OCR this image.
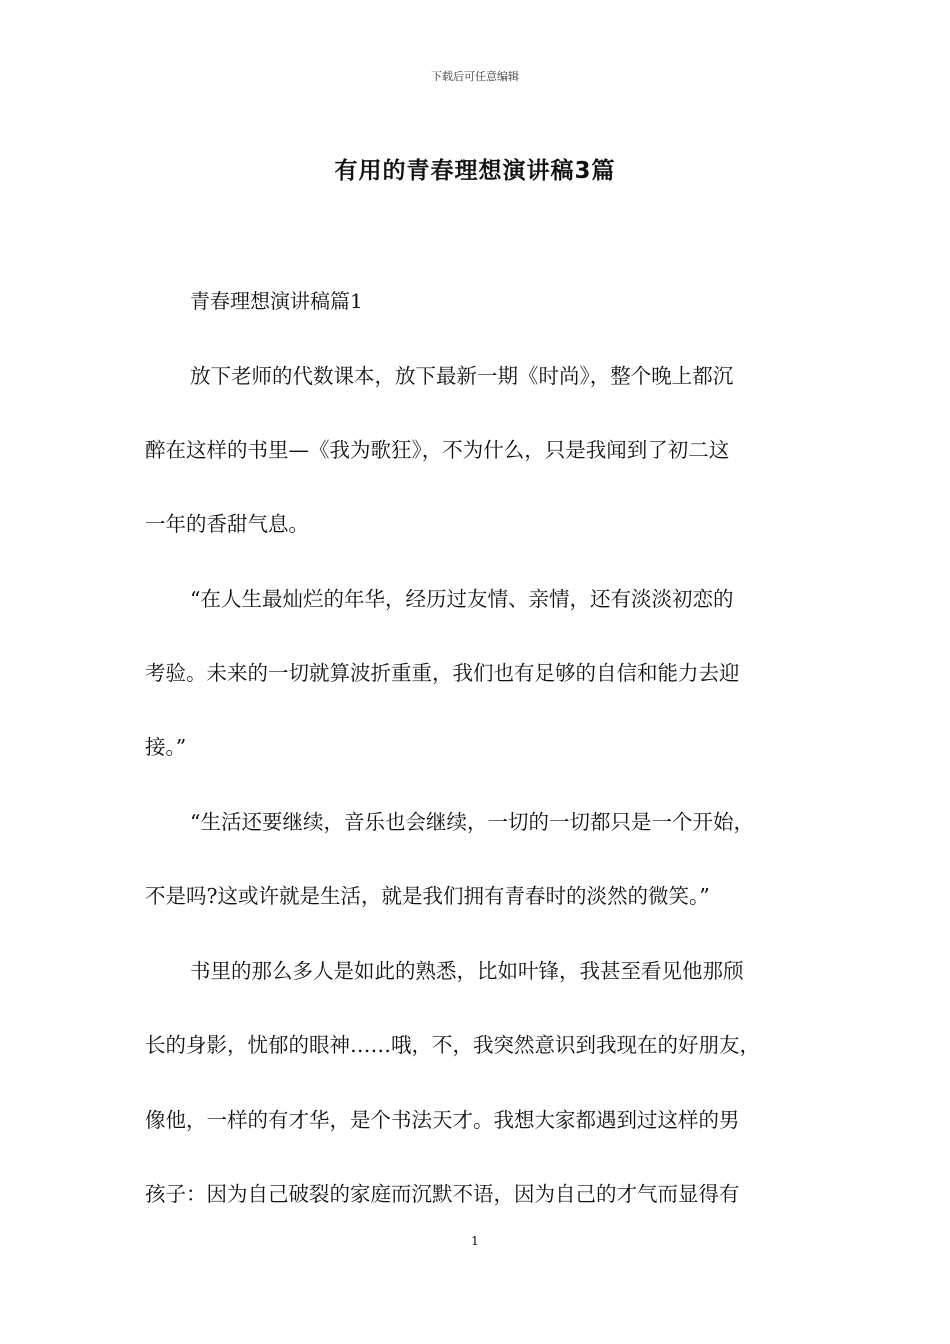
下载后可任意编辑
有用的青春理想演讲稿3篇
青春理想演讲稿篇1
放下老师的代数课本，放下最新一期《时尚》，整个晚上都沉
醉在这样的书里—《我为歌狂》，不为什么，只是我闻到了初二这
一年的香甜气息。
“在人生最灿烂的年华，经历过友情、亲情，还有淡淡初恋的
考验。未来的一切就算波折重重，我们也有足够的自信和能力去迎
接。”
“生活还要继续，音乐也会继续，一切的一切都只是一个开始，
不是吗?这或许就是生活，就是我们拥有青春时的淡然的微笑。”
书里的那么多人是如此的熟悉，比如叶锋，我甚至看见他那颀
长的身影，忧郁的眼神……哦，不，我突然意识到我现在的好朋友，
像他，一样的有才华，是个书法天才。我想大家都遇到过这样的男
孩子：因为自己破裂的家庭而沉默不语，因为自己的才气而显得有
1
